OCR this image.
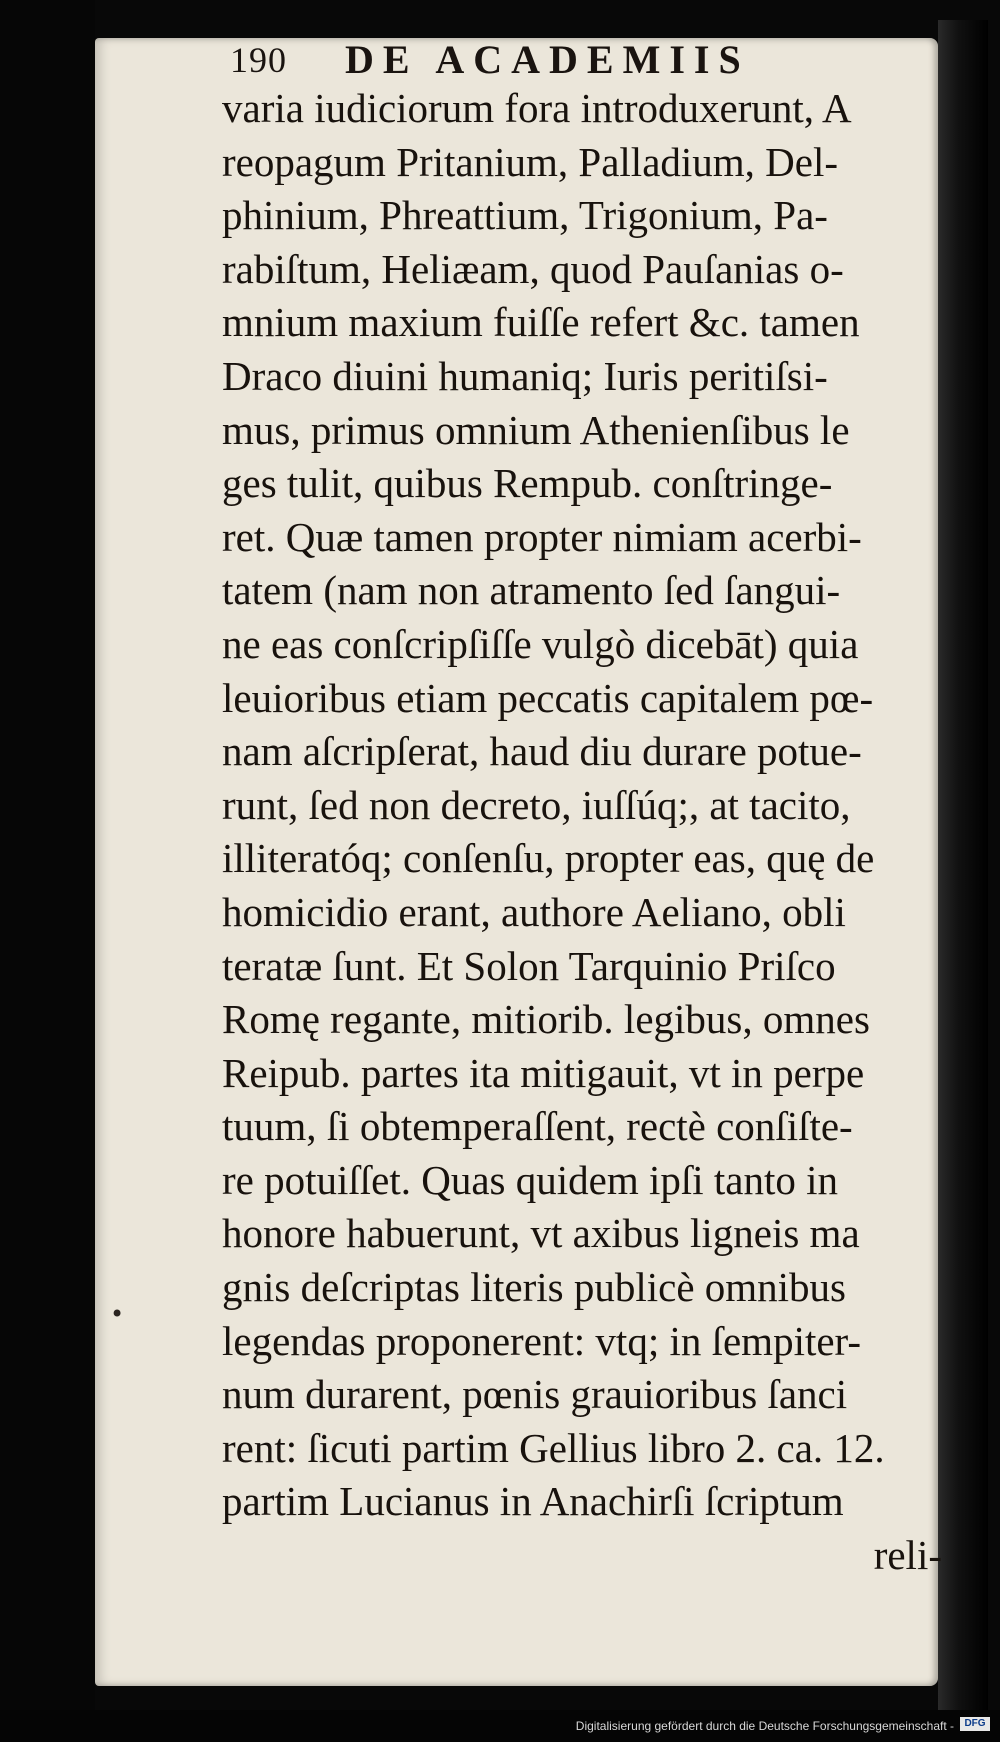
190 DE ACADEMIIS
varia iudiciorum fora introduxerunt, A
reopagum Pritanium, Palladium, Del-
phinium, Phreattium, Trigonium, Pa-
rabiſtum, Heliæam, quod Pauſanias o-
mnium maxium fuiſſe refert &c. tamen
Draco diuini humaniq; Iuris peritiſsi-
mus, primus omnium Athenienſibus le
ges tulit, quibus Rempub. conſtringe-
ret. Quæ tamen propter nimiam acerbi-
tatem (nam non atramento ſed ſangui-
ne eas conſcripſiſſe vulgò dicebāt) quia
leuioribus etiam peccatis capitalem pœ-
nam aſcripſerat, haud diu durare potue-
runt, ſed non decreto, iuſſúq;, at tacito,
illiteratóq; conſenſu, propter eas, quę de
homicidio erant, authore Aeliano, obli
teratæ ſunt. Et Solon Tarquinio Priſco
Romę regante, mitiorib. legibus, omnes
Reipub. partes ita mitigauit, vt in perpe
tuum, ſi obtemperaſſent, rectè conſiſte-
re potuiſſet. Quas quidem ipſi tanto in
honore habuerunt, vt axibus ligneis ma
gnis deſcriptas literis publicè omnibus
legendas proponerent: vtq; in ſempiter-
num durarent, pœnis grauioribus ſanci
rent: ſicuti partim Gellius libro 2. ca. 12.
partim Lucianus in Anachirſi ſcriptum
reli-
•
Digitalisierung gefördert durch die Deutsche Forschungsgemeinschaft -	DFG
